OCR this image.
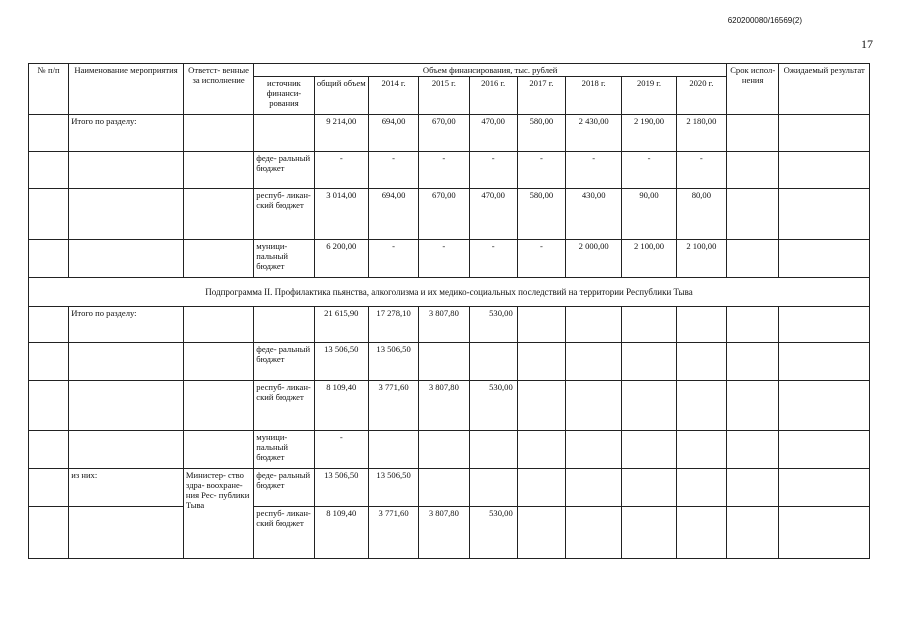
620200080/16569(2)
17
№ п/п	Наименование мероприятия	Ответст- венные за исполнение	Объем финансирования, тыс. рублей									Срок испол- нения	Ожидаемый результат
			источник финанси- рования	общий объем	2014 г.	2015 г.	2016 г.	2017 г.	2018 г.	2019 г.	2020 г.		
	Итого по разделу:			9 214,00	694,00	670,00	470,00	580,00	2 430,00	2 190,00	2 180,00		
			феде- ральный бюджет	-	-	-	-	-	-	-	-		
			респуб- ликан- ский бюджет	3 014,00	694,00	670,00	470,00	580,00	430,00	90,00	80,00		
			муници- пальный бюджет	6 200,00	-	-	-	-	2 000,00	2 100,00	2 100,00		
Подпрограмма II. Профилактика пьянства, алкоголизма и их медико-социальных последствий на территории Республики Тыва													
	Итого по разделу:			21 615,90	17 278,10	3 807,80	530,00						
			феде- ральный бюджет	13 506,50	13 506,50								
			респуб- ликан- ский бюджет	8 109,40	3 771,60	3 807,80	530,00						
			муници- пальный бюджет	-									
	из них:	Министер- ство здра- воохране- ния Рес- публики Тыва	феде- ральный бюджет	13 506,50	13 506,50								
			респуб- ликан- ский бюджет	8 109,40	3 771,60	3 807,80	530,00						
